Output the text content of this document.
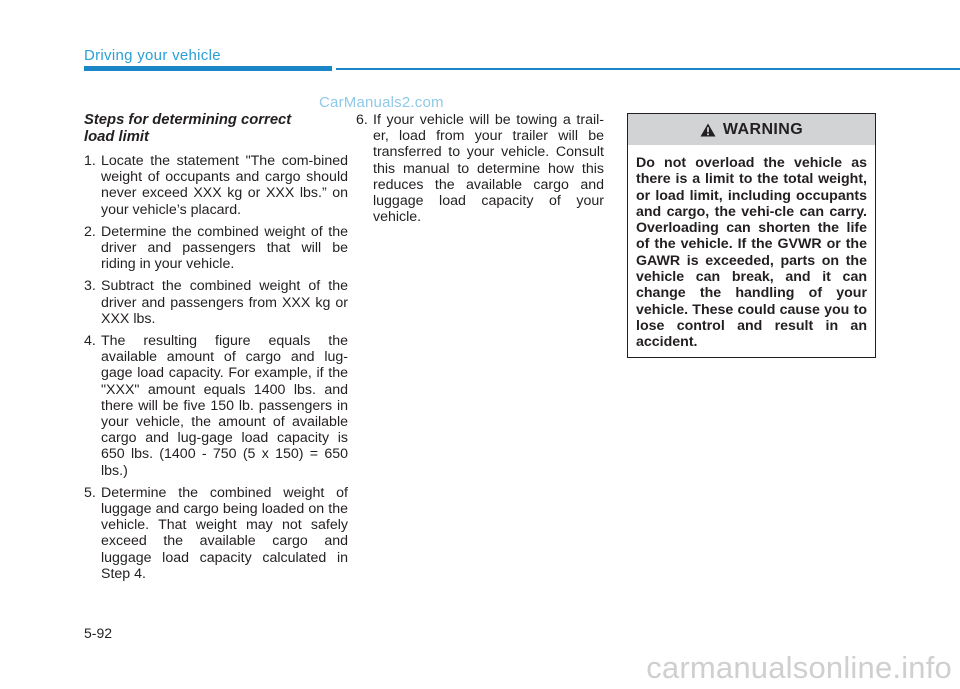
Driving your vehicle
CarManuals2.com
Steps for determining correct load limit
1. Locate the statement "The com-bined weight of occupants and cargo should never exceed XXX kg or XXX lbs.” on your vehicle’s placard.
2. Determine the combined weight of the driver and passengers that will be riding in your vehicle.
3. Subtract the combined weight of the driver and passengers from XXX kg or XXX lbs.
4. The resulting figure equals the available amount of cargo and lug-gage load capacity. For example, if the "XXX" amount equals 1400 lbs. and there will be five 150 lb. passengers in your vehicle, the amount of available cargo and lug-gage load capacity is 650 lbs. (1400 - 750 (5 x 150) = 650 lbs.)
5. Determine the combined weight of luggage and cargo being loaded on the vehicle. That weight may not safely exceed the available cargo and luggage load capacity calculated in Step 4.
6. If your vehicle will be towing a trail-er, load from your trailer will be transferred to your vehicle. Consult this manual to determine how this reduces the available cargo and luggage load capacity of your vehicle.
WARNING
Do not overload the vehicle as there is a limit to the total weight, or load limit, including occupants and cargo, the vehi-cle can carry. Overloading can shorten the life of the vehicle. If the GVWR or the GAWR is exceeded, parts on the vehicle can break, and it can change the handling of your vehicle. These could cause you to lose control and result in an accident.
5-92
carmanualsonline.info
